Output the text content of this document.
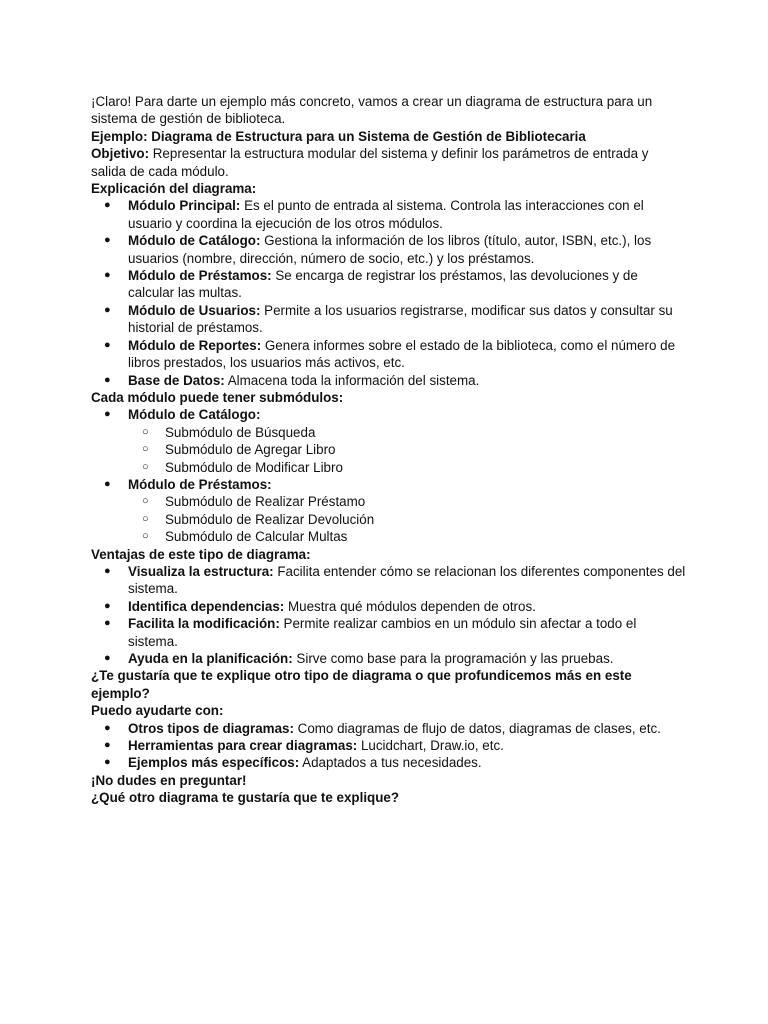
¡Claro! Para darte un ejemplo más concreto, vamos a crear un diagrama de estructura para un sistema de gestión de biblioteca.

Ejemplo: Diagrama de Estructura para un Sistema de Gestión de Bibliotecaria

Objetivo: Representar la estructura modular del sistema y definir los parámetros de entrada y salida de cada módulo.

Explicación del diagrama:

● Módulo Principal: Es el punto de entrada al sistema. Controla las interacciones con el usuario y coordina la ejecución de los otros módulos.
● Módulo de Catálogo: Gestiona la información de los libros (título, autor, ISBN, etc.), los usuarios (nombre, dirección, número de socio, etc.) y los préstamos.
● Módulo de Préstamos: Se encarga de registrar los préstamos, las devoluciones y de calcular las multas.
● Módulo de Usuarios: Permite a los usuarios registrarse, modificar sus datos y consultar su historial de préstamos.
● Módulo de Reportes: Genera informes sobre el estado de la biblioteca, como el número de libros prestados, los usuarios más activos, etc.
● Base de Datos: Almacena toda la información del sistema.

Cada módulo puede tener submódulos:

● Módulo de Catálogo:
○ Submódulo de Búsqueda
○ Submódulo de Agregar Libro
○ Submódulo de Modificar Libro
● Módulo de Préstamos:
○ Submódulo de Realizar Préstamo
○ Submódulo de Realizar Devolución
○ Submódulo de Calcular Multas

Ventajas de este tipo de diagrama:

● Visualiza la estructura: Facilita entender cómo se relacionan los diferentes componentes del sistema.
● Identifica dependencias: Muestra qué módulos dependen de otros.
● Facilita la modificación: Permite realizar cambios en un módulo sin afectar a todo el sistema.
● Ayuda en la planificación: Sirve como base para la programación y las pruebas.

¿Te gustaría que te explique otro tipo de diagrama o que profundicemos más en este ejemplo?

Puedo ayudarte con:

● Otros tipos de diagramas: Como diagramas de flujo de datos, diagramas de clases, etc.
● Herramientas para crear diagramas: Lucidchart, Draw.io, etc.
● Ejemplos más específicos: Adaptados a tus necesidades.

¡No dudes en preguntar!

¿Qué otro diagrama te gustaría que te explique?
